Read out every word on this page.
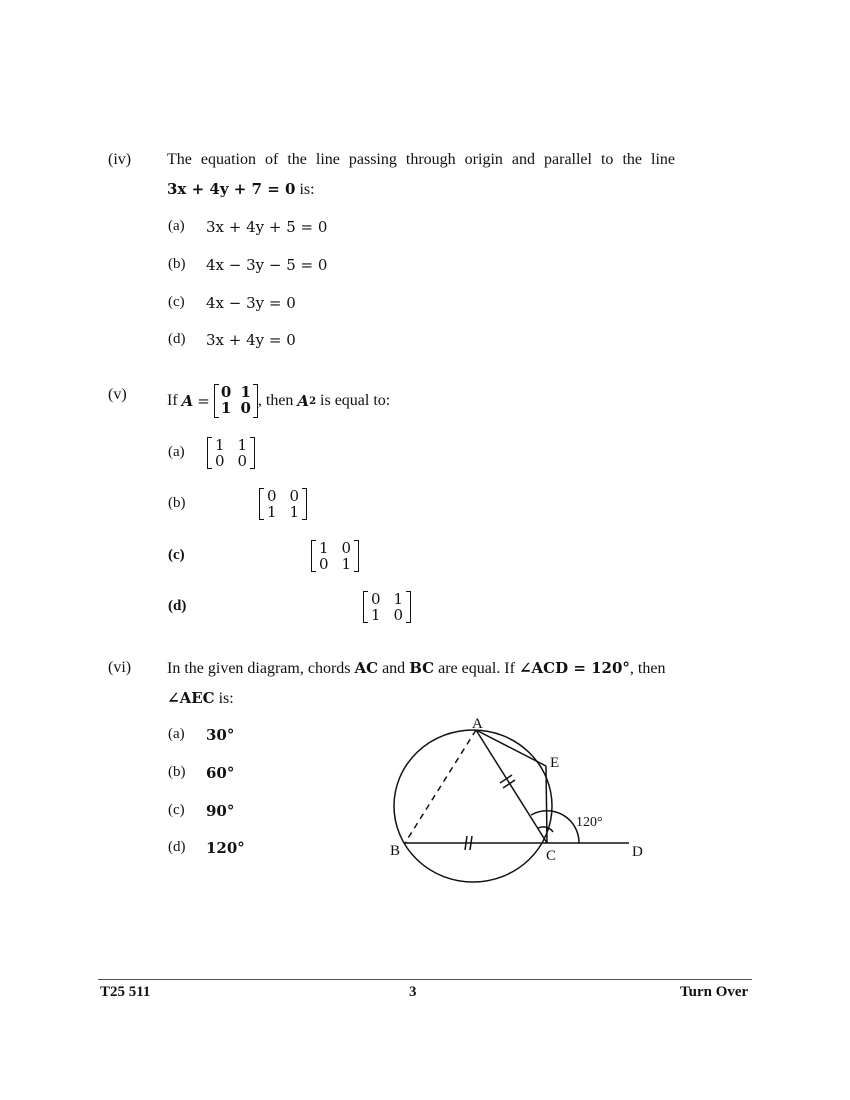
(iv) The equation of the line passing through origin and parallel to the line
3x + 4y + 7 = 0 is:
(a) 3x + 4y + 5 = 0
(b) 4x − 3y − 5 = 0
(c) 4x − 3y = 0
(d) 3x + 4y = 0
(v)	If
A
=
0 1
1 0 , then
A 2
is equal to:
(a) 1 1
0 0

(b)	0 0
1 1

(c)	1 0
0 1

(d)	0 1
1 0
(vi) In the given diagram, chords AC and BC are equal. If ∠ACD = 120°, then
∠AEC is:
(a) 30°
(b) 60°
(c) 90°
(d) 120°
A
E
B	C	D
120°
T25 511	3	Turn Over
